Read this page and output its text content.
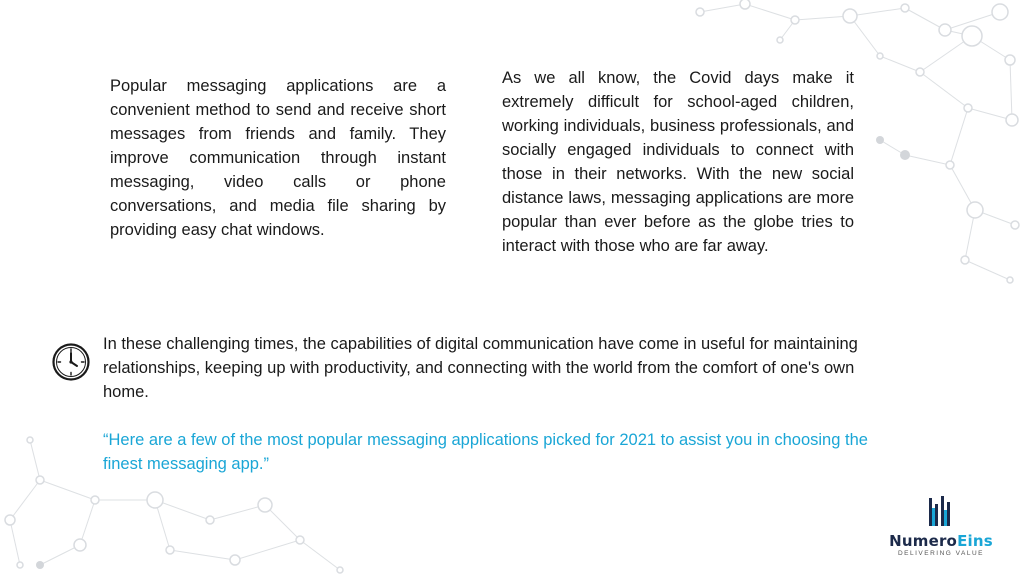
Popular messaging applications are a convenient method to send and receive short messages from friends and family. They improve communication through instant messaging, video calls or phone conversations, and media file sharing by providing easy chat windows.

As we all know, the Covid days make it extremely difficult for school-aged children, working individuals, business professionals, and socially engaged individuals to connect with those in their networks. With the new social distance laws, messaging applications are more popular than ever before as the globe tries to interact with those who are far away.

In these challenging times, the capabilities of digital communication have come in useful for maintaining relationships, keeping up with productivity, and connecting with the world from the comfort of one's own home.

“Here are a few of the most popular messaging applications picked for 2021 to assist you in choosing the finest messaging app.”

NumeroEins
DELIVERING VALUE
